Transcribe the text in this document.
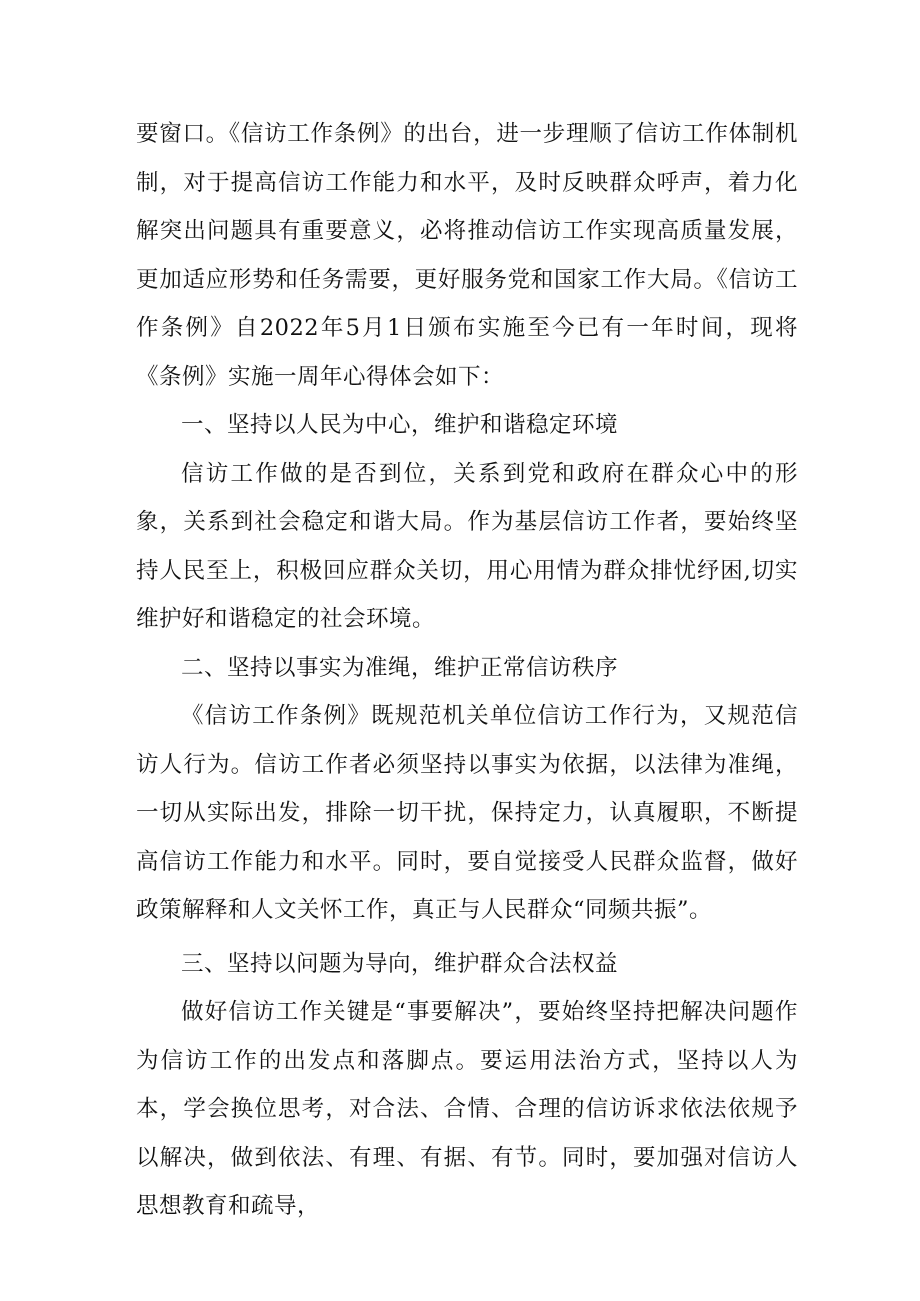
要窗口。《信访工作条例》的出台，进一步理顺了信访工作体制机制，对于提高信访工作能力和水平，及时反映群众呼声，着力化解突出问题具有重要意义，必将推动信访工作实现高质量发展，更加适应形势和任务需要，更好服务党和国家工作大局。《信访工作条例》自2022年5月1日颁布实施至今已有一年时间，现将《条例》实施一周年心得体会如下：

一、坚持以人民为中心，维护和谐稳定环境

信访工作做的是否到位，关系到党和政府在群众心中的形象，关系到社会稳定和谐大局。作为基层信访工作者，要始终坚持人民至上，积极回应群众关切，用心用情为群众排忧纾困,切实维护好和谐稳定的社会环境。

二、坚持以事实为准绳，维护正常信访秩序

《信访工作条例》既规范机关单位信访工作行为，又规范信访人行为。信访工作者必须坚持以事实为依据，以法律为准绳，一切从实际出发，排除一切干扰，保持定力，认真履职，不断提高信访工作能力和水平。同时，要自觉接受人民群众监督，做好政策解释和人文关怀工作，真正与人民群众“同频共振”。

三、坚持以问题为导向，维护群众合法权益

做好信访工作关键是“事要解决”，要始终坚持把解决问题作为信访工作的出发点和落脚点。要运用法治方式，坚持以人为本，学会换位思考，对合法、合情、合理的信访诉求依法依规予以解决，做到依法、有理、有据、有节。同时，要加强对信访人思想教育和疏导，
